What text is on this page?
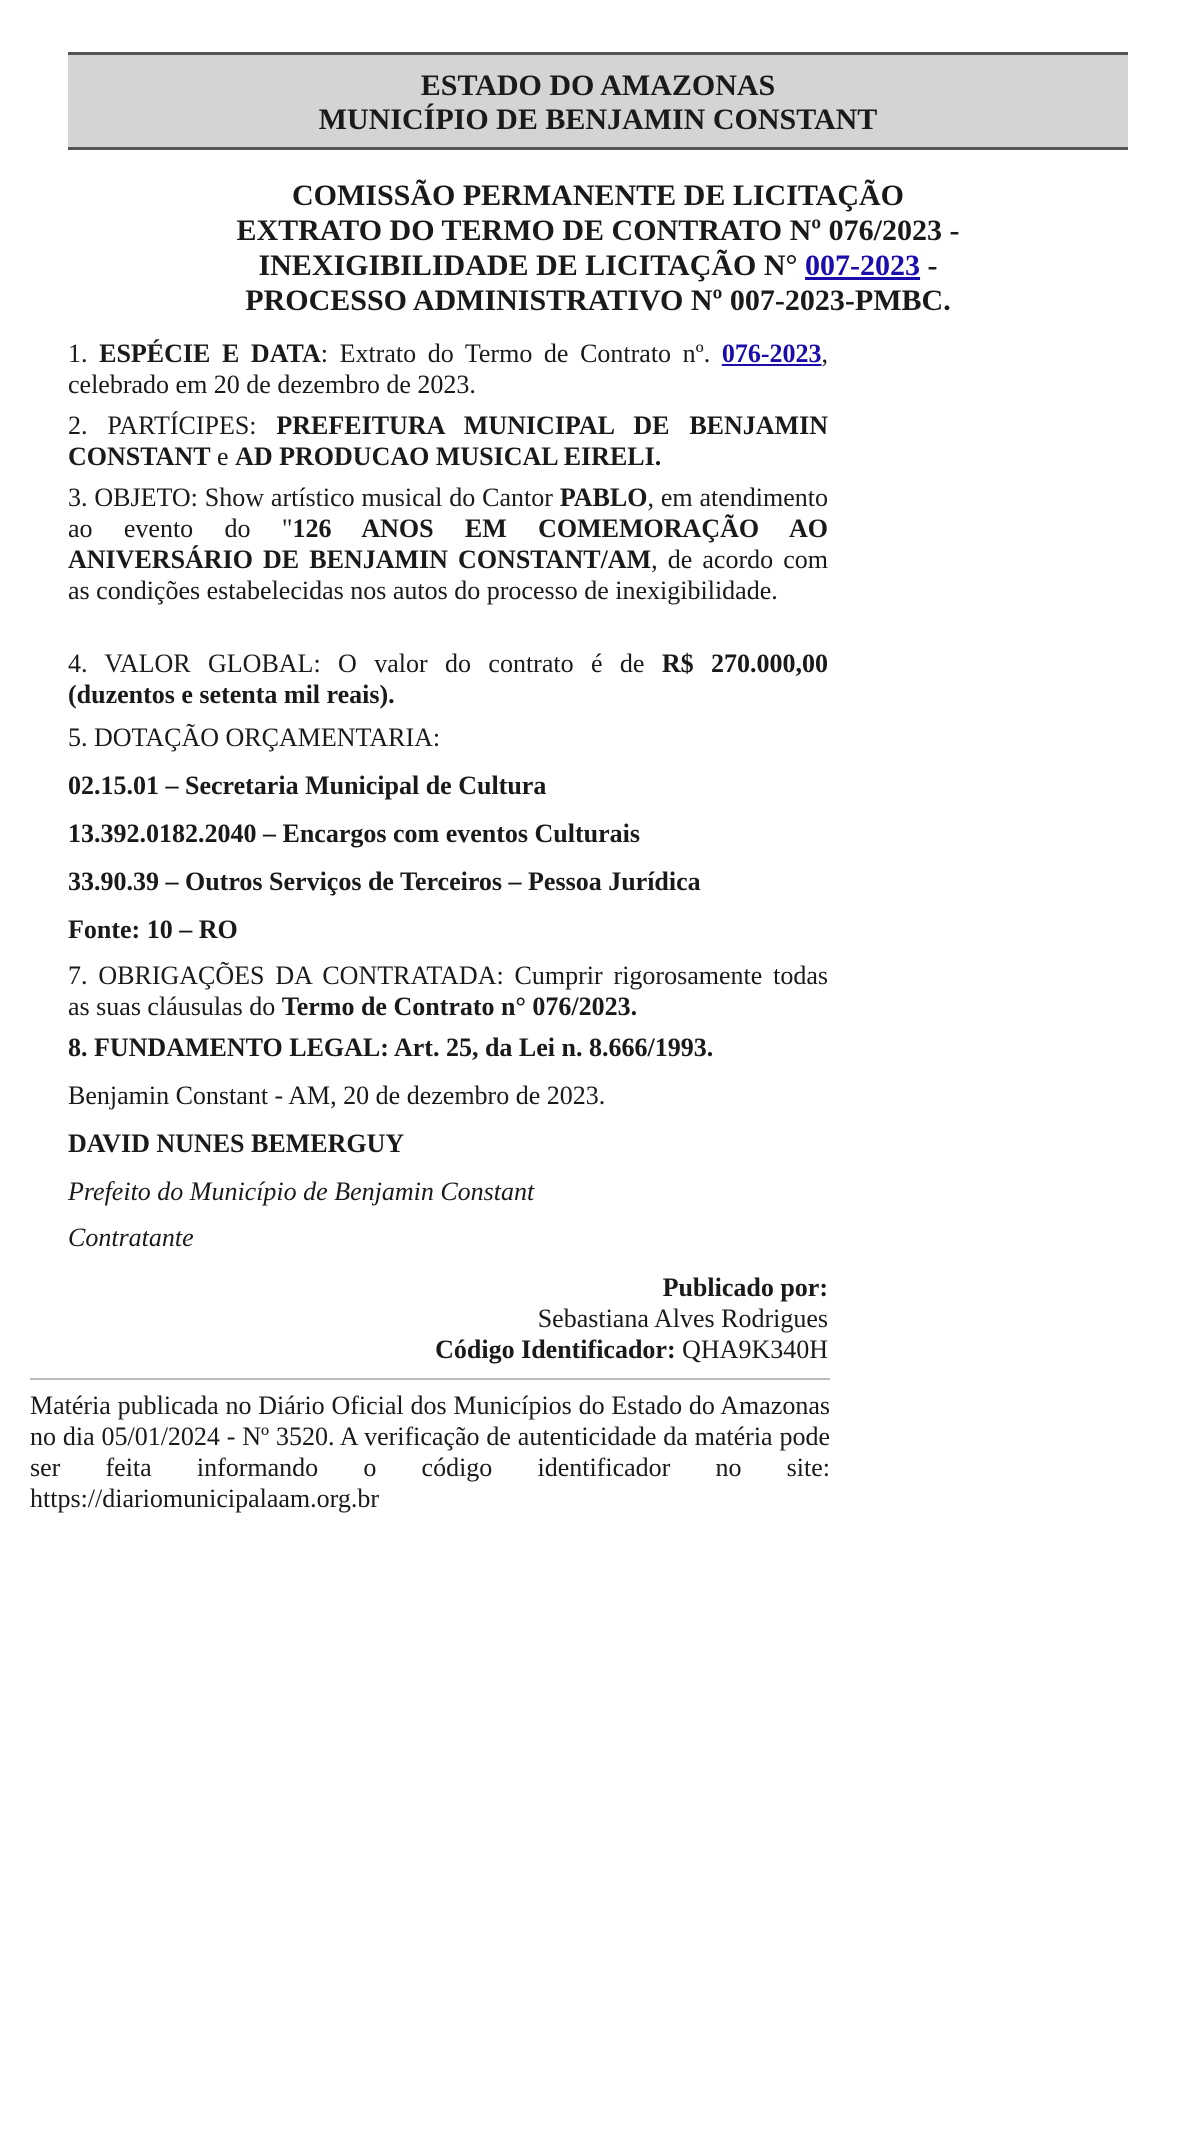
ESTADO DO AMAZONAS
MUNICÍPIO DE BENJAMIN CONSTANT
COMISSÃO PERMANENTE DE LICITAÇÃO
EXTRATO DO TERMO DE CONTRATO Nº 076/2023 -
INEXIGIBILIDADE DE LICITAÇÃO N° 007-2023 -
PROCESSO ADMINISTRATIVO Nº 007-2023-PMBC.

1. ESPÉCIE E DATA: Extrato do Termo de Contrato nº. 076-2023, celebrado em 20 de dezembro de 2023.

2. PARTÍCIPES: PREFEITURA MUNICIPAL DE BENJAMIN CONSTANT e AD PRODUCAO MUSICAL EIRELI.

3. OBJETO: Show artístico musical do Cantor PABLO, em atendimento ao evento do "126 ANOS EM COMEMORAÇÃO AO ANIVERSÁRIO DE BENJAMIN CONSTANT/AM, de acordo com as condições estabelecidas nos autos do processo de inexigibilidade.

4. VALOR GLOBAL: O valor do contrato é de R$ 270.000,00 (duzentos e setenta mil reais).

5. DOTAÇÃO ORÇAMENTARIA:

02.15.01 – Secretaria Municipal de Cultura
13.392.0182.2040 – Encargos com eventos Culturais
33.90.39 – Outros Serviços de Terceiros – Pessoa Jurídica
Fonte: 10 – RO

7. OBRIGAÇÕES DA CONTRATADA: Cumprir rigorosamente todas as suas cláusulas do Termo de Contrato n° 076/2023.

8. FUNDAMENTO LEGAL: Art. 25, da Lei n. 8.666/1993.
Benjamin Constant - AM, 20 de dezembro de 2023.
DAVID NUNES BEMERGUY
Prefeito do Município de Benjamin Constant
Contratante
Publicado por:
Sebastiana Alves Rodrigues
Código Identificador: QHA9K340H
Matéria publicada no Diário Oficial dos Municípios do Estado do Amazonas no dia 05/01/2024 - Nº 3520. A verificação de autenticidade da matéria pode ser feita informando o código identificador no site: https://diariomunicipalaam.org.br
